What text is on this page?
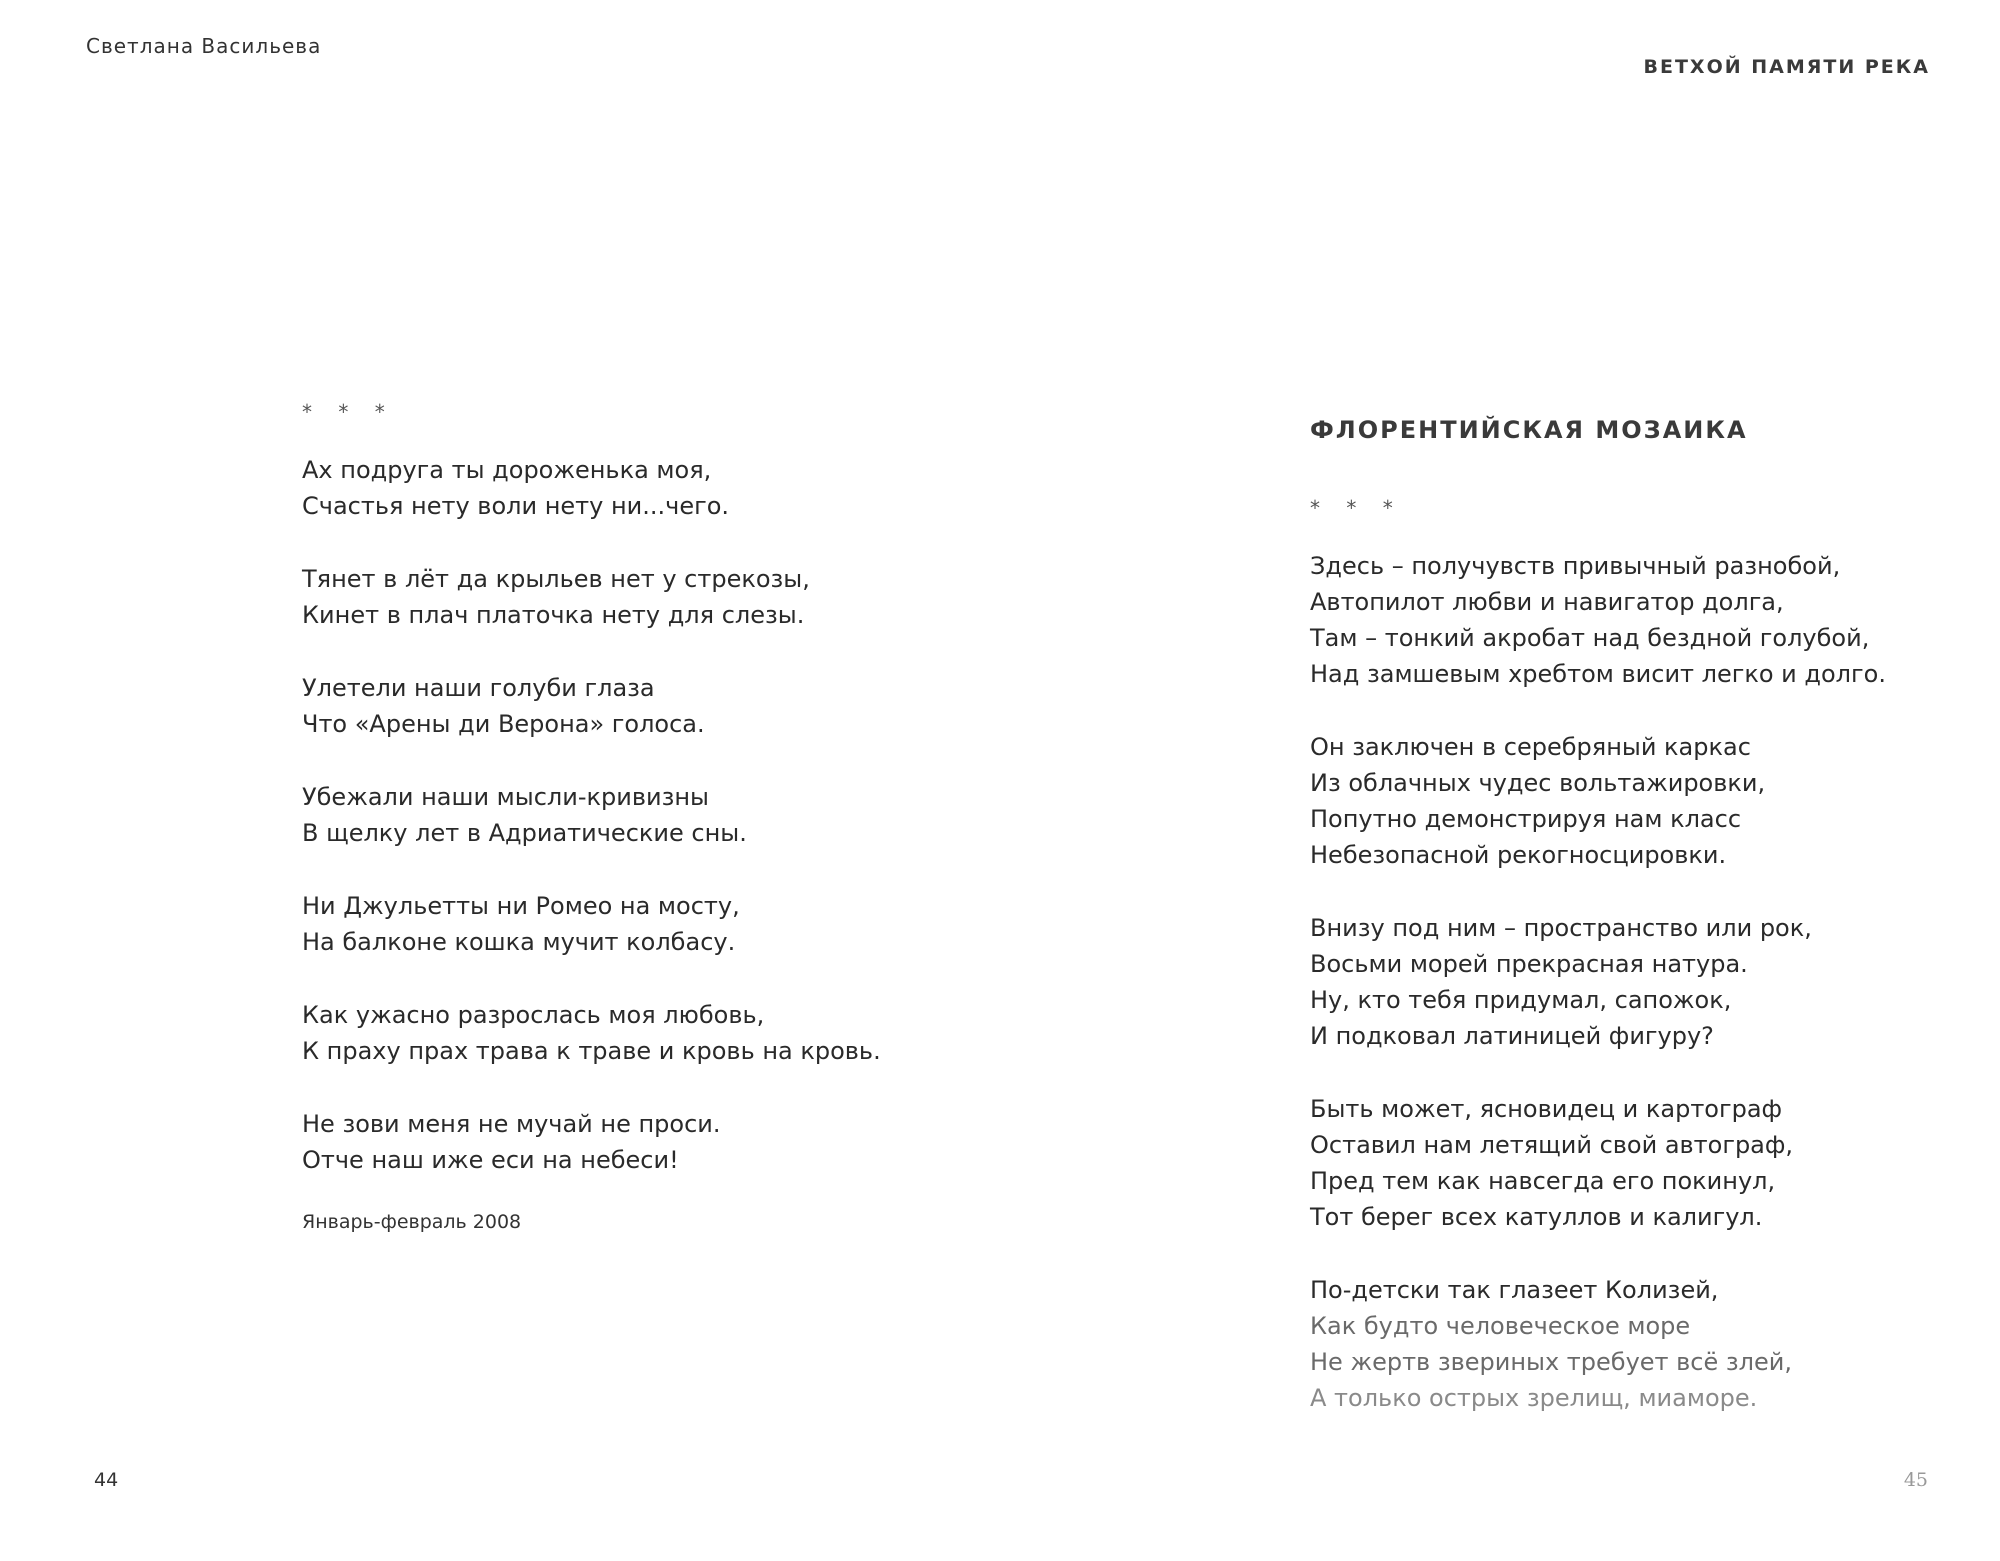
Светлана Васильева
* * *
Ах подруга ты дороженька моя,
Счастья нету воли нету ни...чего.
Тянет в лёт да крыльев нет у стрекозы,
Кинет в плач платочка нету для слезы.
Улетели наши голуби глаза
Что «Арены ди Верона» голоса.
Убежали наши мысли-кривизны
В щелку лет в Адриатические сны.
Ни Джульетты ни Ромео на мосту,
На балконе кошка мучит колбасу.
Как ужасно разрослась моя любовь,
К праху прах трава к траве и кровь на кровь.
Не зови меня не мучай не проси.
Отче наш иже еси на небеси!
Январь-февраль 2008
44
ВЕТХОЙ ПАМЯТИ РЕКА
ФЛОРЕНТИЙСКАЯ МОЗАИКА
* * *
Здесь – получувств привычный разнобой,
Автопилот любви и навигатор долга,
Там – тонкий акробат над бездной голубой,
Над замшевым хребтом висит легко и долго.
Он заключен в серебряный каркас
Из облачных чудес вольтажировки,
Попутно демонстрируя нам класс
Небезопасной рекогносцировки.
Внизу под ним – пространство или рок,
Восьми морей прекрасная натура.
Ну, кто тебя придумал, сапожок,
И подковал латиницей фигуру?
Быть может, ясновидец и картограф
Оставил нам летящий свой автограф,
Пред тем как навсегда его покинул,
Тот берег всех катуллов и калигул.
По-детски так глазеет Колизей,
Как будто человеческое море
Не жертв звериных требует всё злей,
А только острых зрелищ, миаморе.
45
